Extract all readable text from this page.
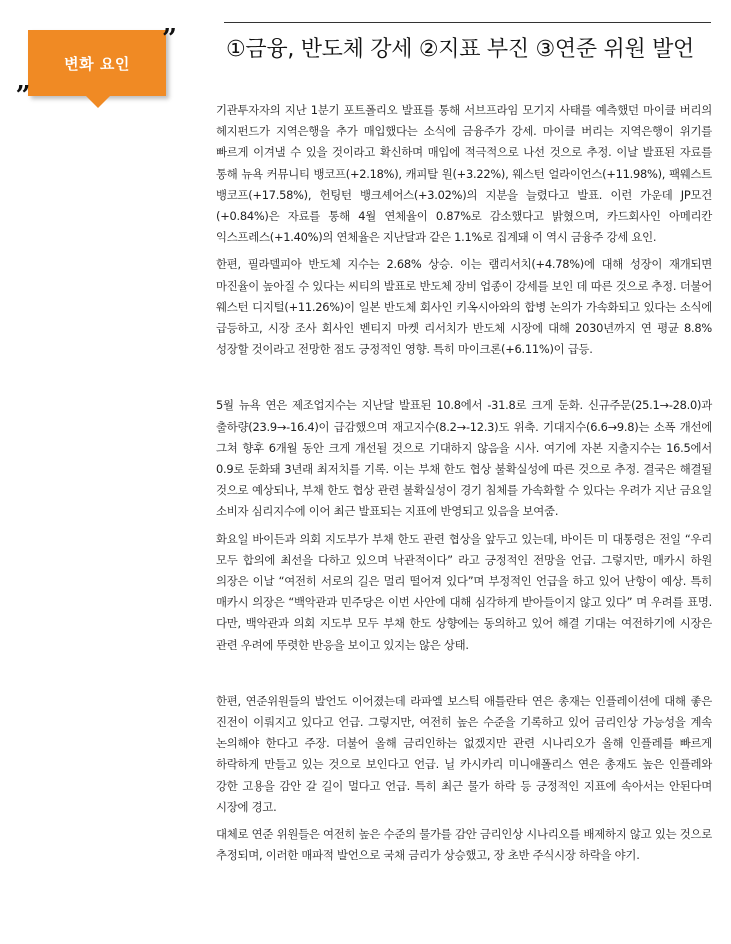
변화 요인
„
” ①금융, 반도체 강세 ②지표 부진 ③연준 위원 발언

기관투자자의 지난 1분기 포트폴리오 발표를 통해 서브프라임 모기지 사태를 예측했던 마이클 버리의 헤지펀드가 지역은행을 추가 매입했다는 소식에 금융주가 강세. 마이클 버리는 지역은행이 위기를 빠르게 이겨낼 수 있을 것이라고 확신하며 매입에 적극적으로 나선 것으로 추정. 이날 발표된 자료를 통해 뉴욕 커뮤니티 뱅코프(+2.18%), 캐피탈 원(+3.22%), 웨스턴 얼라이언스(+11.98%), 팩웨스트 뱅코프(+17.58%), 헌팅턴 뱅크셰어스(+3.02%)의 지분을 늘렸다고 발표. 이런 가운데 JP모건(+0.84%)은 자료를 통해 4월 연체율이 0.87%로 감소했다고 밝혔으며, 카드회사인 아메리칸 익스프레스(+1.40%)의 연체율은 지난달과 같은 1.1%로 집계돼 이 역시 금융주 강세 요인.

한편, 필라델피아 반도체 지수는 2.68% 상승. 이는 램리서치(+4.78%)에 대해 성장이 재개되면 마진율이 높아질 수 있다는 씨티의 발표로 반도체 장비 업종이 강세를 보인 데 따른 것으로 추정. 더불어 웨스턴 디지털(+11.26%)이 일본 반도체 회사인 키옥시아와의 합병 논의가 가속화되고 있다는 소식에 급등하고, 시장 조사 회사인 벤티지 마켓 리서치가 반도체 시장에 대해 2030년까지 연 평균 8.8% 성장할 것이라고 전망한 점도 긍정적인 영향. 특히 마이크론(+6.11%)이 급등.

5월 뉴욕 연은 제조업지수는 지난달 발표된 10.8에서 -31.8로 크게 둔화. 신규주문(25.1→-28.0)과 출하량(23.9→-16.4)이 급감했으며 재고지수(8.2→-12.3)도 위축. 기대지수(6.6→9.8)는 소폭 개선에 그쳐 향후 6개월 동안 크게 개선될 것으로 기대하지 않음을 시사. 여기에 자본 지출지수는 16.5에서 0.9로 둔화돼 3년래 최저치를 기록. 이는 부채 한도 협상 불확실성에 따른 것으로 추정. 결국은 해결될 것으로 예상되나, 부채 한도 협상 관련 불확실성이 경기 침체를 가속화할 수 있다는 우려가 지난 금요일 소비자 심리지수에 이어 최근 발표되는 지표에 반영되고 있음을 보여줌.

화요일 바이든과 의회 지도부가 부채 한도 관련 협상을 앞두고 있는데, 바이든 미 대통령은 전일 “우리 모두 합의에 최선을 다하고 있으며 낙관적이다” 라고 긍정적인 전망을 언급. 그렇지만, 매카시 하원 의장은 이날 “여전히 서로의 길은 멀리 떨어져 있다”며 부정적인 언급을 하고 있어 난항이 예상. 특히 매카시 의장은 “백악관과 민주당은 이번 사안에 대해 심각하게 받아들이지 않고 있다” 며 우려를 표명. 다만, 백악관과 의회 지도부 모두 부채 한도 상향에는 동의하고 있어 해결 기대는 여전하기에 시장은 관련 우려에 뚜렷한 반응을 보이고 있지는 않은 상태.

한편, 연준위원들의 발언도 이어졌는데 라파엘 보스틱 애틀란타 연은 총재는 인플레이션에 대해 좋은 진전이 이뤄지고 있다고 언급. 그렇지만, 여전히 높은 수준을 기록하고 있어 금리인상 가능성을 계속 논의해야 한다고 주장. 더불어 올해 금리인하는 없겠지만 관련 시나리오가 올해 인플레를 빠르게 하락하게 만들고 있는 것으로 보인다고 언급. 닐 카시카리 미니애폴리스 연은 총재도 높은 인플레와 강한 고용을 감안 갈 길이 멀다고 언급. 특히 최근 물가 하락 등 긍정적인 지표에 속아서는 안된다며 시장에 경고.

대체로 연준 위원들은 여전히 높은 수준의 물가를 감안 금리인상 시나리오를 배제하지 않고 있는 것으로 추정되며, 이러한 매파적 발언으로 국채 금리가 상승했고, 장 초반 주식시장 하락을 야기.
